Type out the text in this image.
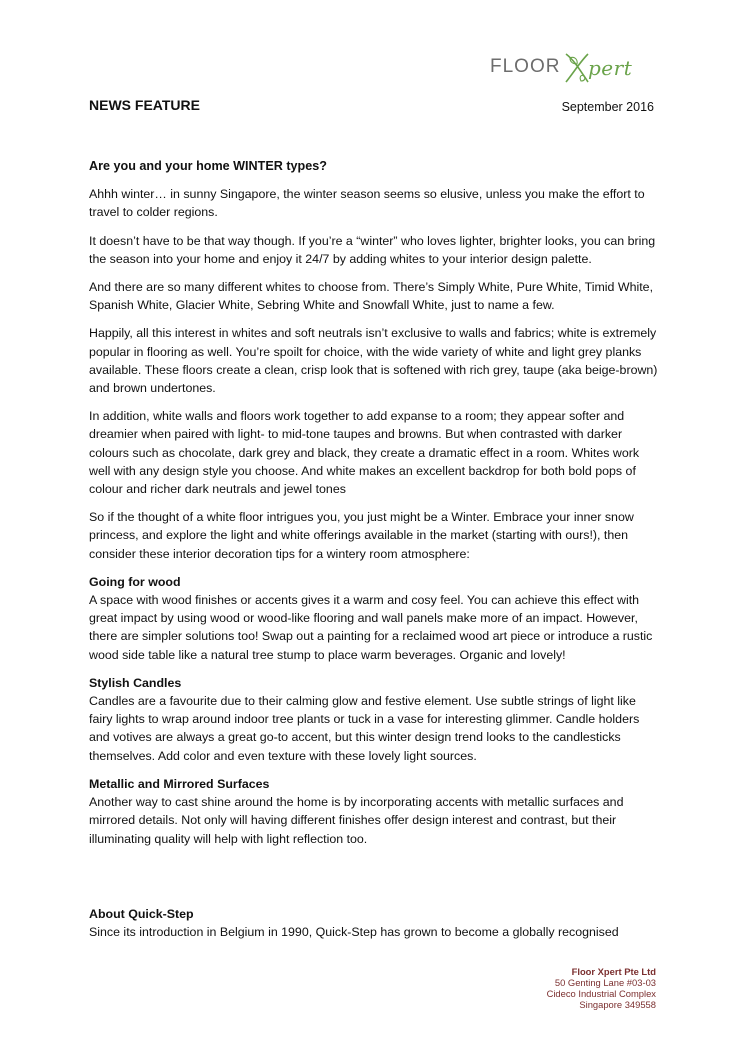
FLOOR pert
NEWS FEATURE	September 2016
Are you and your home WINTER types?

Ahhh winter… in sunny Singapore, the winter season seems so elusive, unless you make the effort to travel to colder regions.

It doesn’t have to be that way though. If you’re a “winter” who loves lighter, brighter looks, you can bring the season into your home and enjoy it 24/7 by adding whites to your interior design palette.

And there are so many different whites to choose from. There’s Simply White, Pure White, Timid White, Spanish White, Glacier White, Sebring White and Snowfall White, just to name a few.

Happily, all this interest in whites and soft neutrals isn’t exclusive to walls and fabrics; white is extremely popular in flooring as well. You’re spoilt for choice, with the wide variety of white and light grey planks available. These floors create a clean, crisp look that is softened with rich grey, taupe (aka beige-brown) and brown undertones.

In addition, white walls and floors work together to add expanse to a room; they appear softer and dreamier when paired with light- to mid-tone taupes and browns. But when contrasted with darker colours such as chocolate, dark grey and black, they create a dramatic effect in a room. Whites work well with any design style you choose. And white makes an excellent backdrop for both bold pops of colour and richer dark neutrals and jewel tones

So if the thought of a white floor intrigues you, you just might be a Winter. Embrace your inner snow princess, and explore the light and white offerings available in the market (starting with ours!), then consider these interior decoration tips for a wintery room atmosphere:

Going for wood
A space with wood finishes or accents gives it a warm and cosy feel. You can achieve this effect with great impact by using wood or wood-like flooring and wall panels make more of an impact. However, there are simpler solutions too! Swap out a painting for a reclaimed wood art piece or introduce a rustic wood side table like a natural tree stump to place warm beverages. Organic and lovely!
Stylish Candles
Candles are a favourite due to their calming glow and festive element. Use subtle strings of light like fairy lights to wrap around indoor tree plants or tuck in a vase for interesting glimmer. Candle holders and votives are always a great go-to accent, but this winter design trend looks to the candlesticks themselves. Add color and even texture with these lovely light sources.
Metallic and Mirrored Surfaces
Another way to cast shine around the home is by incorporating accents with metallic surfaces and mirrored details. Not only will having different finishes offer design interest and contrast, but their illuminating quality will help with light reflection too.
About Quick-Step
Since its introduction in Belgium in 1990, Quick-Step has grown to become a globally recognised
Floor Xpert Pte Ltd
50 Genting Lane #03-03
Cideco Industrial Complex
Singapore 349558
